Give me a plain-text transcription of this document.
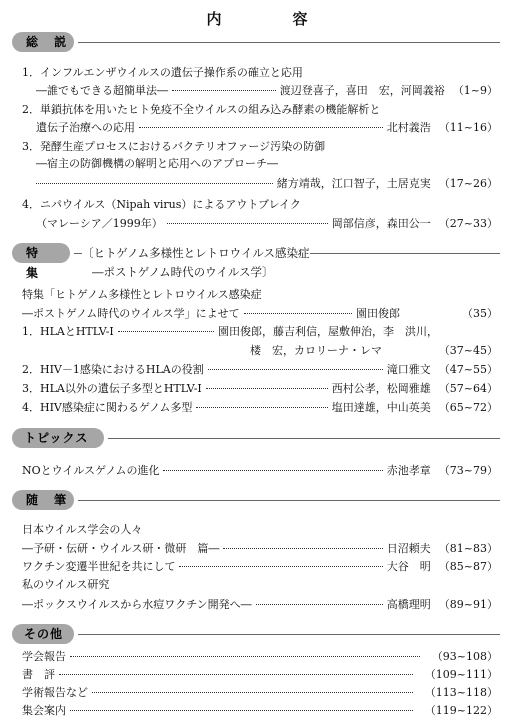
内　容
総 説
1．インフルエンザウイルスの遺伝子操作系の確立と応用
―誰でもできる超簡単法―	渡辺登喜子，喜田　宏，河岡義裕 （1~9）
2．単鎖抗体を用いたヒト免疫不全ウイルスの組み込み酵素の機能解析と
遺伝子治療への応用	北村義浩 （11~16）
3．発酵生産プロセスにおけるバクテリオファージ汚染の防御
―宿主の防御機構の解明と応用へのアプローチ―
緒方靖哉，江口智子，土居克実 （17~26）
4．ニパウイルス（Nipah virus）によるアウトブレイク
（マレーシア／1999年）	岡部信彦，森田公一 （27~33）
特 集
〔ヒトゲノム多様性とレトロウイルス感染症
―ポストゲノム時代のウイルス学〕
特集「ヒトゲノム多様性とレトロウイルス感染症
―ポストゲノム時代のウイルス学」によせて	園田俊郎	（35）
1．HLAとHTLV-I	園田俊郎，藤吉利信，屋敷伸治，李　洪川，
楼　宏，カロリーナ・レマ	（37~45）
2．HIV－1感染におけるHLAの役割	滝口雅文 （47~55）
3．HLA以外の遺伝子多型とHTLV-I	西村公孝，松岡雅雄 （57~64）
4．HIV感染症に関わるゲノム多型	塩田達雄，中山英美 （65~72）
トピックス
NOとウイルスゲノムの進化	赤池孝章 （73~79）
随 筆
日本ウイルス学会の人々
―予研・伝研・ウイルス研・微研　篇―	日沼頼夫 （81~83）
ワクチン変遷半世紀を共にして	大谷　明 （85~87）
私のウイルス研究
―ポックスウイルスから水痘ワクチン開発へ―	高橋理明 （89~91）
その他
学会報告	（93~108）
書　評	（109~111）
学術報告など	（113~118）
集会案内	（119~122）
